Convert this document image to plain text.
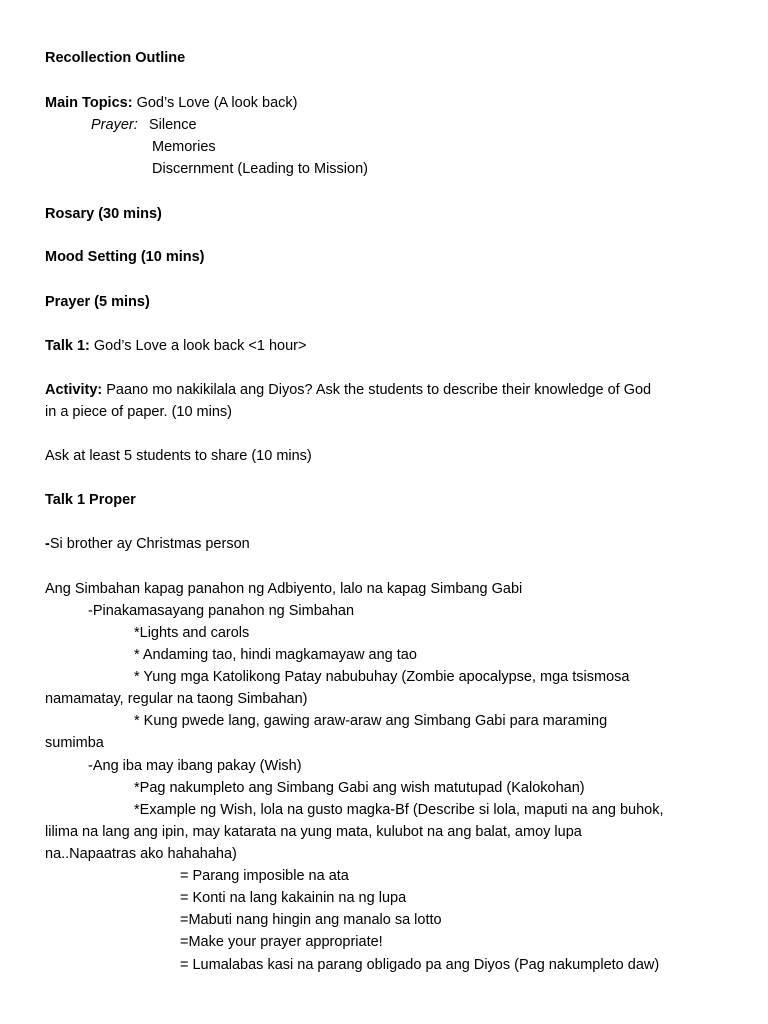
Recollection Outline
Main Topics: God’s Love (A look back)
Prayer: Silence
Memories
Discernment (Leading to Mission)
Rosary (30 mins)
Mood Setting (10 mins)
Prayer (5 mins)
Talk 1: God’s Love a look back <1 hour>
Activity: Paano mo nakikilala ang Diyos? Ask the students to describe their knowledge of God
in a piece of paper. (10 mins)
Ask at least 5 students to share (10 mins)
Talk 1 Proper
-Si brother ay Christmas person
Ang Simbahan kapag panahon ng Adbiyento, lalo na kapag Simbang Gabi
-Pinakamasayang panahon ng Simbahan
*Lights and carols
* Andaming tao, hindi magkamayaw ang tao
* Yung mga Katolikong Patay nabubuhay (Zombie apocalypse, mga tsismosa
namamatay, regular na taong Simbahan)
* Kung pwede lang, gawing araw-araw ang Simbang Gabi para maraming
sumimba
-Ang iba may ibang pakay (Wish)
*Pag nakumpleto ang Simbang Gabi ang wish matutupad (Kalokohan)
*Example ng Wish, lola na gusto magka-Bf (Describe si lola, maputi na ang buhok,
lilima na lang ang ipin, may katarata na yung mata, kulubot na ang balat, amoy lupa
na..Napaatras ako hahahaha)
= Parang imposible na ata
= Konti na lang kakainin na ng lupa
=Mabuti nang hingin ang manalo sa lotto
=Make your prayer appropriate!
= Lumalabas kasi na parang obligado pa ang Diyos (Pag nakumpleto daw)
